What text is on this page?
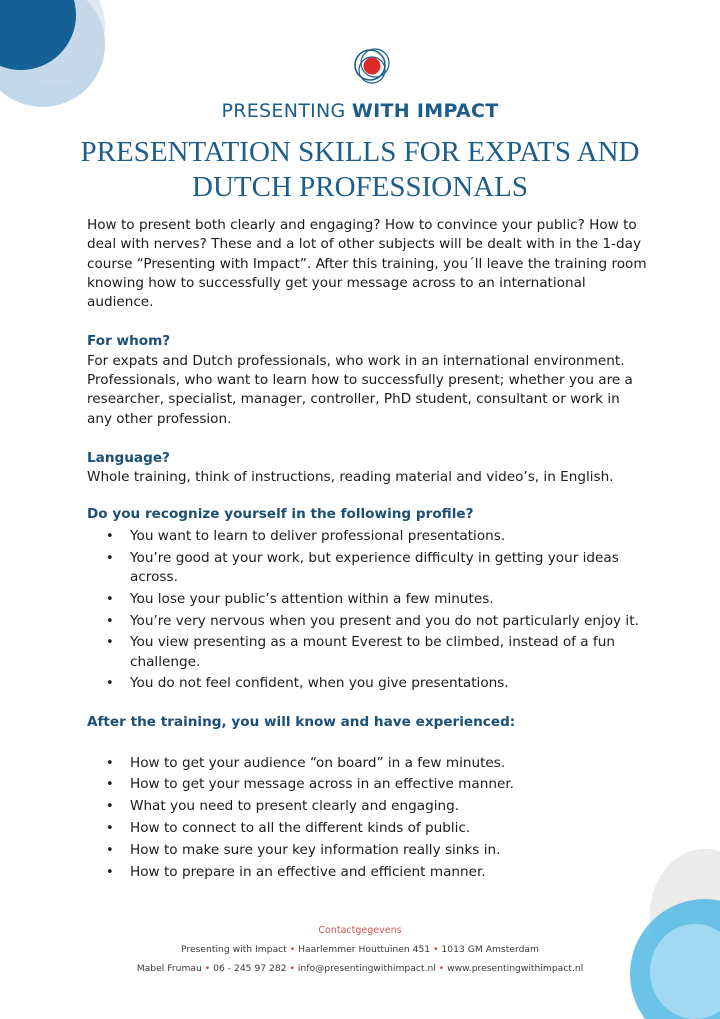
PRESENTING WITH IMPACT
PRESENTATION SKILLS FOR EXPATS AND DUTCH PROFESSIONALS

How to present both clearly and engaging? How to convince your public? How to deal with nerves? These and a lot of other subjects will be dealt with in the 1-day course “Presenting with Impact”. After this training, you´ll leave the training room knowing how to successfully get your message across to an international audience.

For whom?

For expats and Dutch professionals, who work in an international environment. Professionals, who want to learn how to successfully present; whether you are a researcher, specialist, manager, controller, PhD student, consultant or work in any other profession.

Language?

Whole training, think of instructions, reading material and video’s, in English.

Do you recognize yourself in the following profile?

• You want to learn to deliver professional presentations.
• You’re good at your work, but experience difficulty in getting your ideas across.
• You lose your public’s attention within a few minutes.
• You’re very nervous when you present and you do not particularly enjoy it.
• You view presenting as a mount Everest to be climbed, instead of a fun challenge.
• You do not feel confident, when you give presentations.

After the training, you will know and have experienced:

• How to get your audience “on board” in a few minutes.
• How to get your message across in an effective manner.
• What you need to present clearly and engaging.
• How to connect to all the different kinds of public.
• How to make sure your key information really sinks in.
• How to prepare in an effective and efficient manner.
Contactgegevens
Presenting with Impact • Haarlemmer Houttuinen 451 • 1013 GM Amsterdam
Mabel Frumau • 06 - 245 97 282 • info@presentingwithimpact.nl • www.presentingwithimpact.nl
